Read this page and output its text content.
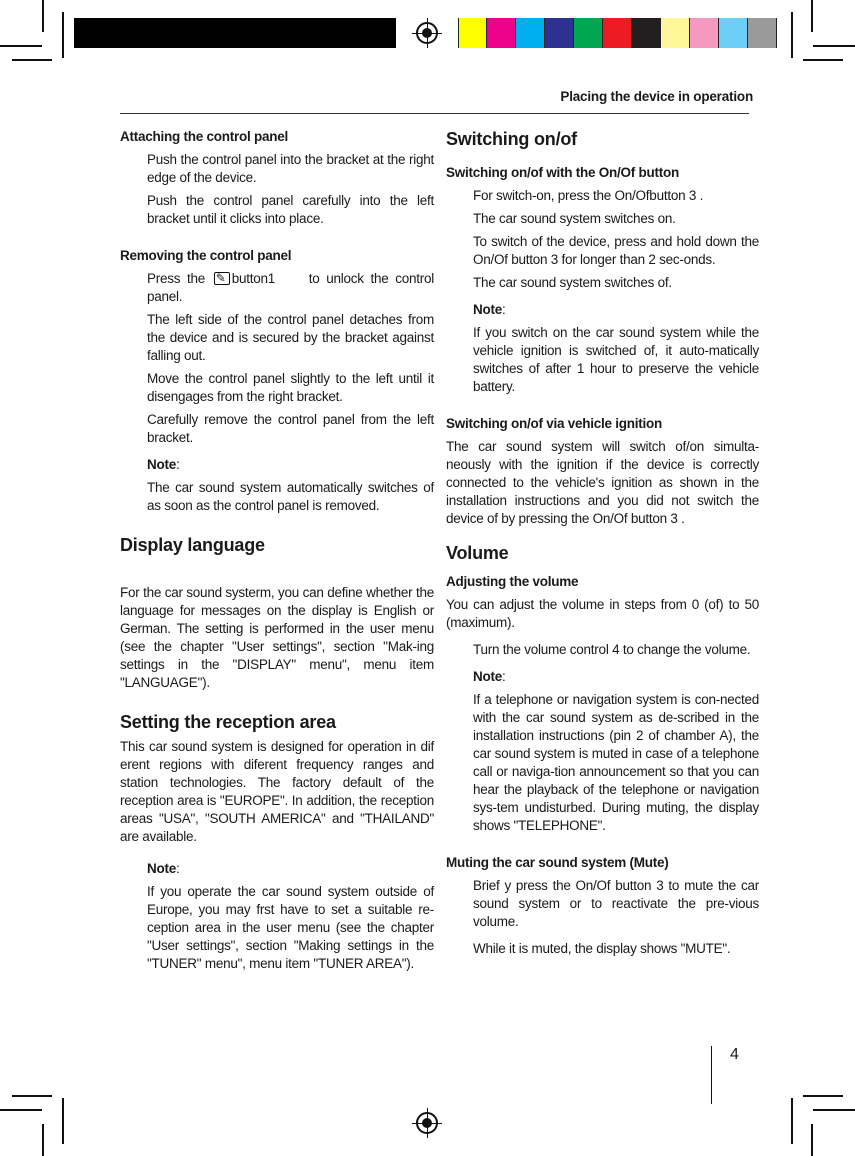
Placing the device in operation
Attaching the control panel

Push the control panel into the bracket at the right edge of the device.

Push the control panel carefully into the left bracket until it clicks into place.

Removing the control panel

Press the ✎ button1 to unlock the control panel.

The left side of the control panel detaches from the device and is secured by the bracket against falling out.

Move the control panel slightly to the left until it disengages from the right bracket.

Carefully remove the control panel from the left bracket.

Note:

The car sound system automatically switches of as soon as the control panel is removed.

Display language

For the car sound systerm, you can define whether the language for messages on the display is English or German. The setting is performed in the user menu (see the chapter "User settings", section "Mak-ing settings in the "DISPLAY" menu", menu item "LANGUAGE").

Setting the reception area

This car sound system is designed for operation in dif erent regions with diferent frequency ranges and station technologies. The factory default of the reception area is "EUROPE". In addition, the reception areas "USA", "SOUTH AMERICA" and "THAILAND" are available.

Note:

If you operate the car sound system outside of Europe, you may frst have to set a suitable re-ception area in the user menu (see the chapter "User settings", section "Making settings in the "TUNER" menu", menu item "TUNER AREA").

Switching on/of
Switching on/of with the On/Of button

For switch-on, press the On/Ofbutton 3 .

The car sound system switches on.

To switch of the device, press and hold down the On/Of button 3 for longer than 2 sec-onds.

The car sound system switches of.

Note:

If you switch on the car sound system while the vehicle ignition is switched of, it auto-matically switches of after 1 hour to preserve the vehicle battery.

Switching on/of via vehicle ignition

The car sound system will switch of/on simulta-neously with the ignition if the device is correctly connected to the vehicle's ignition as shown in the installation instructions and you did not switch the device of by pressing the On/Of button 3 .

Volume
Adjusting the volume

You can adjust the volume in steps from 0 (of) to 50 (maximum).

Turn the volume control 4 to change the volume.

Note:

If a telephone or navigation system is con-nected with the car sound system as de-scribed in the installation instructions (pin 2 of chamber A), the car sound system is muted in case of a telephone call or naviga-tion announcement so that you can hear the playback of the telephone or navigation sys-tem undisturbed. During muting, the display shows "TELEPHONE".

Muting the car sound system (Mute)

Brief y press the On/Of button 3 to mute the car sound system or to reactivate the pre-vious volume.

While it is muted, the display shows "MUTE".

4
